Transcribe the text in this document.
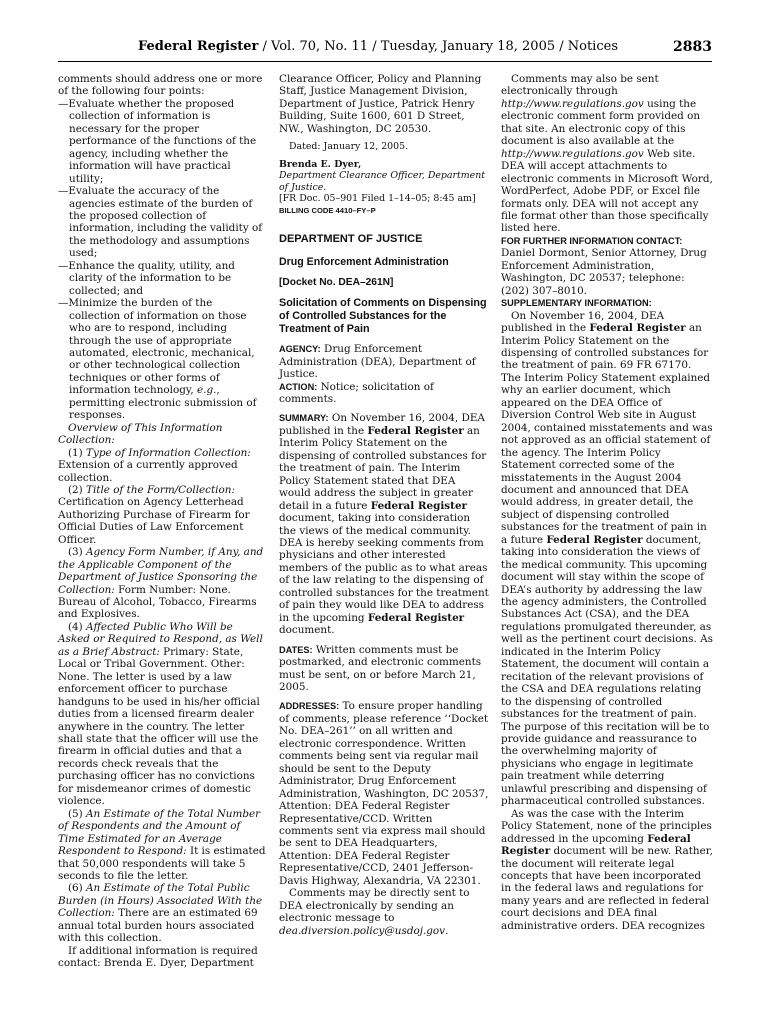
Federal Register / Vol. 70, No. 11 / Tuesday, January 18, 2005 / Notices	2883

comments should address one or more of the following four points:

—Evaluate whether the proposed collection of information is necessary for the proper performance of the functions of the agency, including whether the information will have practical utility;

—Evaluate the accuracy of the agencies estimate of the burden of the proposed collection of information, including the validity of the methodology and assumptions used;

—Enhance the quality, utility, and clarity of the information to be collected; and

—Minimize the burden of the collection of information on those who are to respond, including through the use of appropriate automated, electronic, mechanical, or other technological collection techniques or other forms of information technology, e.g., permitting electronic submission of responses.

Overview of This Information Collection:

(1) Type of Information Collection: Extension of a currently approved collection.

(2) Title of the Form/Collection: Certification on Agency Letterhead Authorizing Purchase of Firearm for Official Duties of Law Enforcement Officer.

(3) Agency Form Number, if Any, and the Applicable Component of the Department of Justice Sponsoring the Collection: Form Number: None. Bureau of Alcohol, Tobacco, Firearms and Explosives.

(4) Affected Public Who Will be Asked or Required to Respond, as Well as a Brief Abstract: Primary: State, Local or Tribal Government. Other: None. The letter is used by a law enforcement officer to purchase handguns to be used in his/her official duties from a licensed firearm dealer anywhere in the country. The letter shall state that the officer will use the firearm in official duties and that a records check reveals that the purchasing officer has no convictions for misdemeanor crimes of domestic violence.

(5) An Estimate of the Total Number of Respondents and the Amount of Time Estimated for an Average Respondent to Respond: It is estimated that 50,000 respondents will take 5 seconds to file the letter.

(6) An Estimate of the Total Public Burden (in Hours) Associated With the Collection: There are an estimated 69 annual total burden hours associated with this collection.

If additional information is required contact: Brenda E. Dyer, Department

Clearance Officer, Policy and Planning Staff, Justice Management Division, Department of Justice, Patrick Henry Building, Suite 1600, 601 D Street, NW., Washington, DC 20530.

Dated: January 12, 2005.

Brenda E. Dyer,

Department Clearance Officer, Department of Justice.

[FR Doc. 05–901 Filed 1–14–05; 8:45 am]

BILLING CODE 4410–FY–P

DEPARTMENT OF JUSTICE

Drug Enforcement Administration

[Docket No. DEA–261N]

Solicitation of Comments on Dispensing of Controlled Substances for the Treatment of Pain

AGENCY: Drug Enforcement Administration (DEA), Department of Justice.

ACTION: Notice; solicitation of comments.

SUMMARY: On November 16, 2004, DEA published in the Federal Register an Interim Policy Statement on the dispensing of controlled substances for the treatment of pain. The Interim Policy Statement stated that DEA would address the subject in greater detail in a future Federal Register document, taking into consideration the views of the medical community. DEA is hereby seeking comments from physicians and other interested members of the public as to what areas of the law relating to the dispensing of controlled substances for the treatment of pain they would like DEA to address in the upcoming Federal Register document.

DATES: Written comments must be postmarked, and electronic comments must be sent, on or before March 21, 2005.

ADDRESSES: To ensure proper handling of comments, please reference ‘‘Docket No. DEA–261’’ on all written and electronic correspondence. Written comments being sent via regular mail should be sent to the Deputy Administrator, Drug Enforcement Administration, Washington, DC 20537, Attention: DEA Federal Register Representative/CCD. Written comments sent via express mail should be sent to DEA Headquarters, Attention: DEA Federal Register Representative/CCD, 2401 Jefferson-Davis Highway, Alexandria, VA 22301.

Comments may be directly sent to DEA electronically by sending an electronic message to dea.diversion.policy@usdoj.gov.

Comments may also be sent electronically through http://www.regulations.gov using the electronic comment form provided on that site. An electronic copy of this document is also available at the http://www.regulations.gov Web site. DEA will accept attachments to electronic comments in Microsoft Word, WordPerfect, Adobe PDF, or Excel file formats only. DEA will not accept any file format other than those specifically listed here.

FOR FURTHER INFORMATION CONTACT:

Daniel Dormont, Senior Attorney, Drug Enforcement Administration, Washington, DC 20537; telephone: (202) 307–8010.

SUPPLEMENTARY INFORMATION:

On November 16, 2004, DEA published in the Federal Register an Interim Policy Statement on the dispensing of controlled substances for the treatment of pain. 69 FR 67170. The Interim Policy Statement explained why an earlier document, which appeared on the DEA Office of Diversion Control Web site in August 2004, contained misstatements and was not approved as an official statement of the agency. The Interim Policy Statement corrected some of the misstatements in the August 2004 document and announced that DEA would address, in greater detail, the subject of dispensing controlled substances for the treatment of pain in a future Federal Register document, taking into consideration the views of the medical community. This upcoming document will stay within the scope of DEA’s authority by addressing the law the agency administers, the Controlled Substances Act (CSA), and the DEA regulations promulgated thereunder, as well as the pertinent court decisions. As indicated in the Interim Policy Statement, the document will contain a recitation of the relevant provisions of the CSA and DEA regulations relating to the dispensing of controlled substances for the treatment of pain. The purpose of this recitation will be to provide guidance and reassurance to the overwhelming majority of physicians who engage in legitimate pain treatment while deterring unlawful prescribing and dispensing of pharmaceutical controlled substances.

As was the case with the Interim Policy Statement, none of the principles addressed in the upcoming Federal Register document will be new. Rather, the document will reiterate legal concepts that have been incorporated in the federal laws and regulations for many years and are reflected in federal court decisions and DEA final administrative orders. DEA recognizes
